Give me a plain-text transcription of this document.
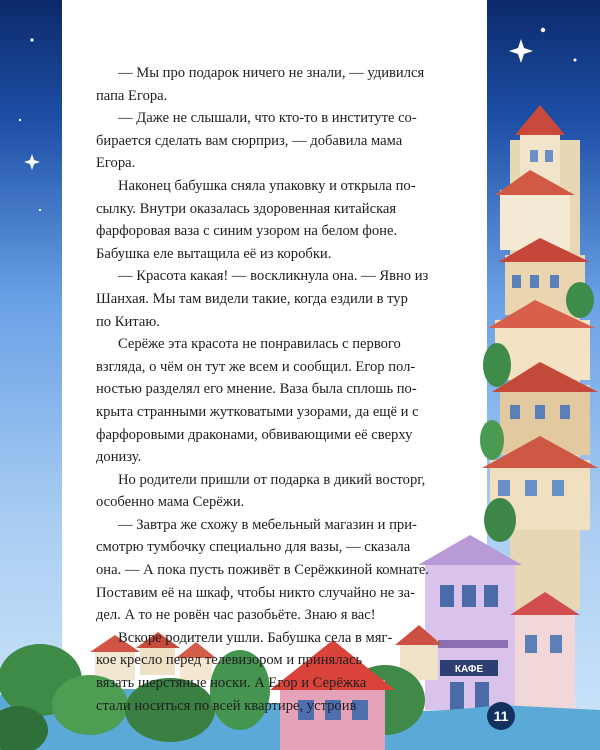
КАФЕ

— Мы про подарок ничего не знали, — удивился

папа Егора.

— Даже не слышали, что кто-то в институте со-

бирается сделать вам сюрприз, — добавила мама

Егора.

Наконец бабушка сняла упаковку и открыла по-

сылку. Внутри оказалась здоровенная китайская

фарфоровая ваза с синим узором на белом фоне.

Бабушка еле вытащила её из коробки.

— Красота какая! — воскликнула она. — Явно из

Шанхая. Мы там видели такие, когда ездили в тур

по Китаю.

Серёже эта красота не понравилась с первого

взгляда, о чём он тут же всем и сообщил. Егор пол-

ностью разделял его мнение. Ваза была сплошь по-

крыта странными жутковатыми узорами, да ещё и с

фарфоровыми драконами, обвивающими её сверху

донизу.

Но родители пришли от подарка в дикий восторг,

особенно мама Серёжи.

— Завтра же схожу в мебельный магазин и при-

смотрю тумбочку специально для вазы, — сказала

она. — А пока пусть поживёт в Серёжкиной комнате.

Поставим её на шкаф, чтобы никто случайно не за-

дел. А то не ровён час разобьёте. Знаю я вас!

Вскоре родители ушли. Бабушка села в мяг-

кое кресло перед телевизором и принялась

вязать шерстяные носки. А Егор и Серёжка

стали носиться по всей квартире, устроив

11
